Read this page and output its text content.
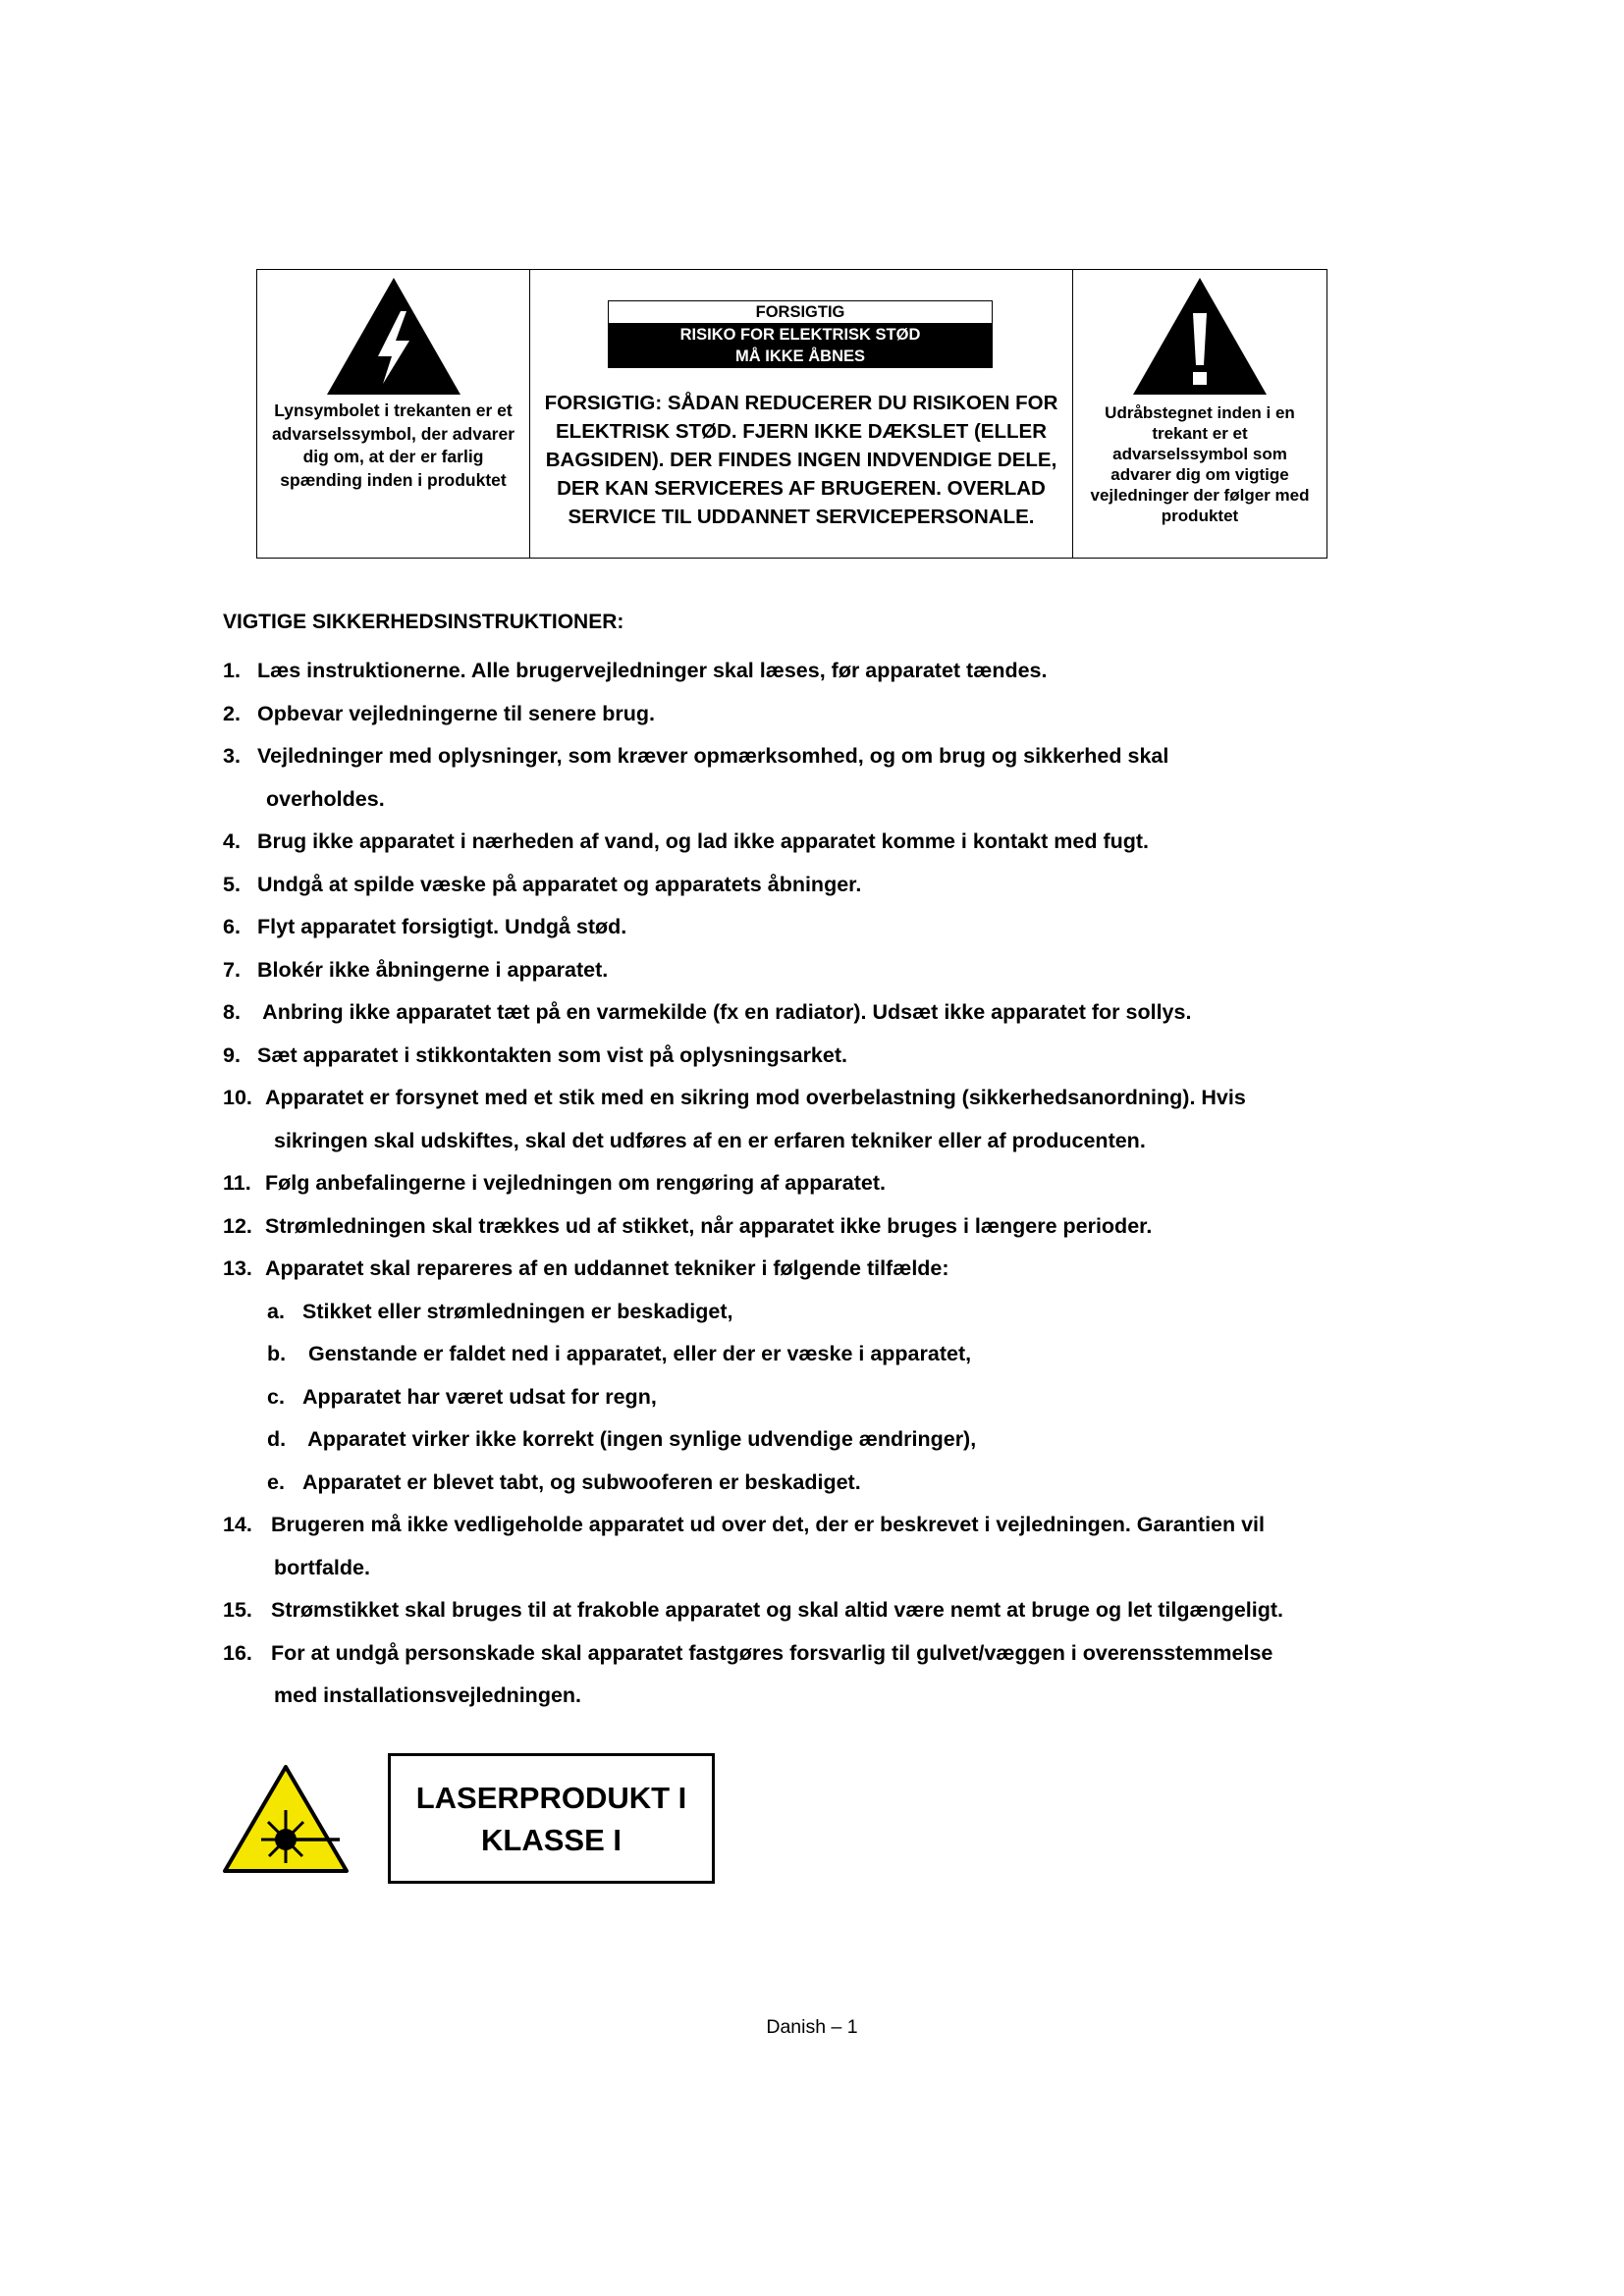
Lynsymbolet i trekanten er et advarselssymbol, der advarer dig om, at der er farlig spænding inden i produktet
FORSIGTIG
RISIKO FOR ELEKTRISK STØD
MÅ IKKE ÅBNES
FORSIGTIG: SÅDAN REDUCERER DU RISIKOEN FOR ELEKTRISK STØD. FJERN IKKE DÆKSLET (ELLER BAGSIDEN). DER FINDES INGEN INDVENDIGE DELE, DER KAN SERVICERES AF BRUGEREN. OVERLAD SERVICE TIL UDDANNET SERVICEPERSONALE.
Udråbstegnet inden i en trekant er et advarselssymbol som advarer dig om vigtige vejledninger der følger med produktet
VIGTIGE SIKKERHEDSINSTRUKTIONER:
1. Læs instruktionerne. Alle brugervejledninger skal læses, før apparatet tændes.
2. Opbevar vejledningerne til senere brug.
3. Vejledninger med oplysninger, som kræver opmærksomhed, og om brug og sikkerhed skal
overholdes.
4. Brug ikke apparatet i nærheden af vand, og lad ikke apparatet komme i kontakt med fugt.
5. Undgå at spilde væske på apparatet og apparatets åbninger.
6. Flyt apparatet forsigtigt. Undgå stød.
7. Blokér ikke åbningerne i apparatet.
8. Anbring ikke apparatet tæt på en varmekilde (fx en radiator). Udsæt ikke apparatet for sollys.
9. Sæt apparatet i stikkontakten som vist på oplysningsarket.
10. Apparatet er forsynet med et stik med en sikring mod overbelastning (sikkerhedsanordning). Hvis
sikringen skal udskiftes, skal det udføres af en er erfaren tekniker eller af producenten.
11. Følg anbefalingerne i vejledningen om rengøring af apparatet.
12. Strømledningen skal trækkes ud af stikket, når apparatet ikke bruges i længere perioder.
13. Apparatet skal repareres af en uddannet tekniker i følgende tilfælde:
a. Stikket eller strømledningen er beskadiget,
b. Genstande er faldet ned i apparatet, eller der er væske i apparatet,
c. Apparatet har været udsat for regn,
d. Apparatet virker ikke korrekt (ingen synlige udvendige ændringer),
e. Apparatet er blevet tabt, og subwooferen er beskadiget.
14. Brugeren må ikke vedligeholde apparatet ud over det, der er beskrevet i vejledningen. Garantien vil
bortfalde.
15. Strømstikket skal bruges til at frakoble apparatet og skal altid være nemt at bruge og let tilgængeligt.
16. For at undgå personskade skal apparatet fastgøres forsvarlig til gulvet/væggen i overensstemmelse
med installationsvejledningen.
LASERPRODUKT I
KLASSE I
Danish – 1
